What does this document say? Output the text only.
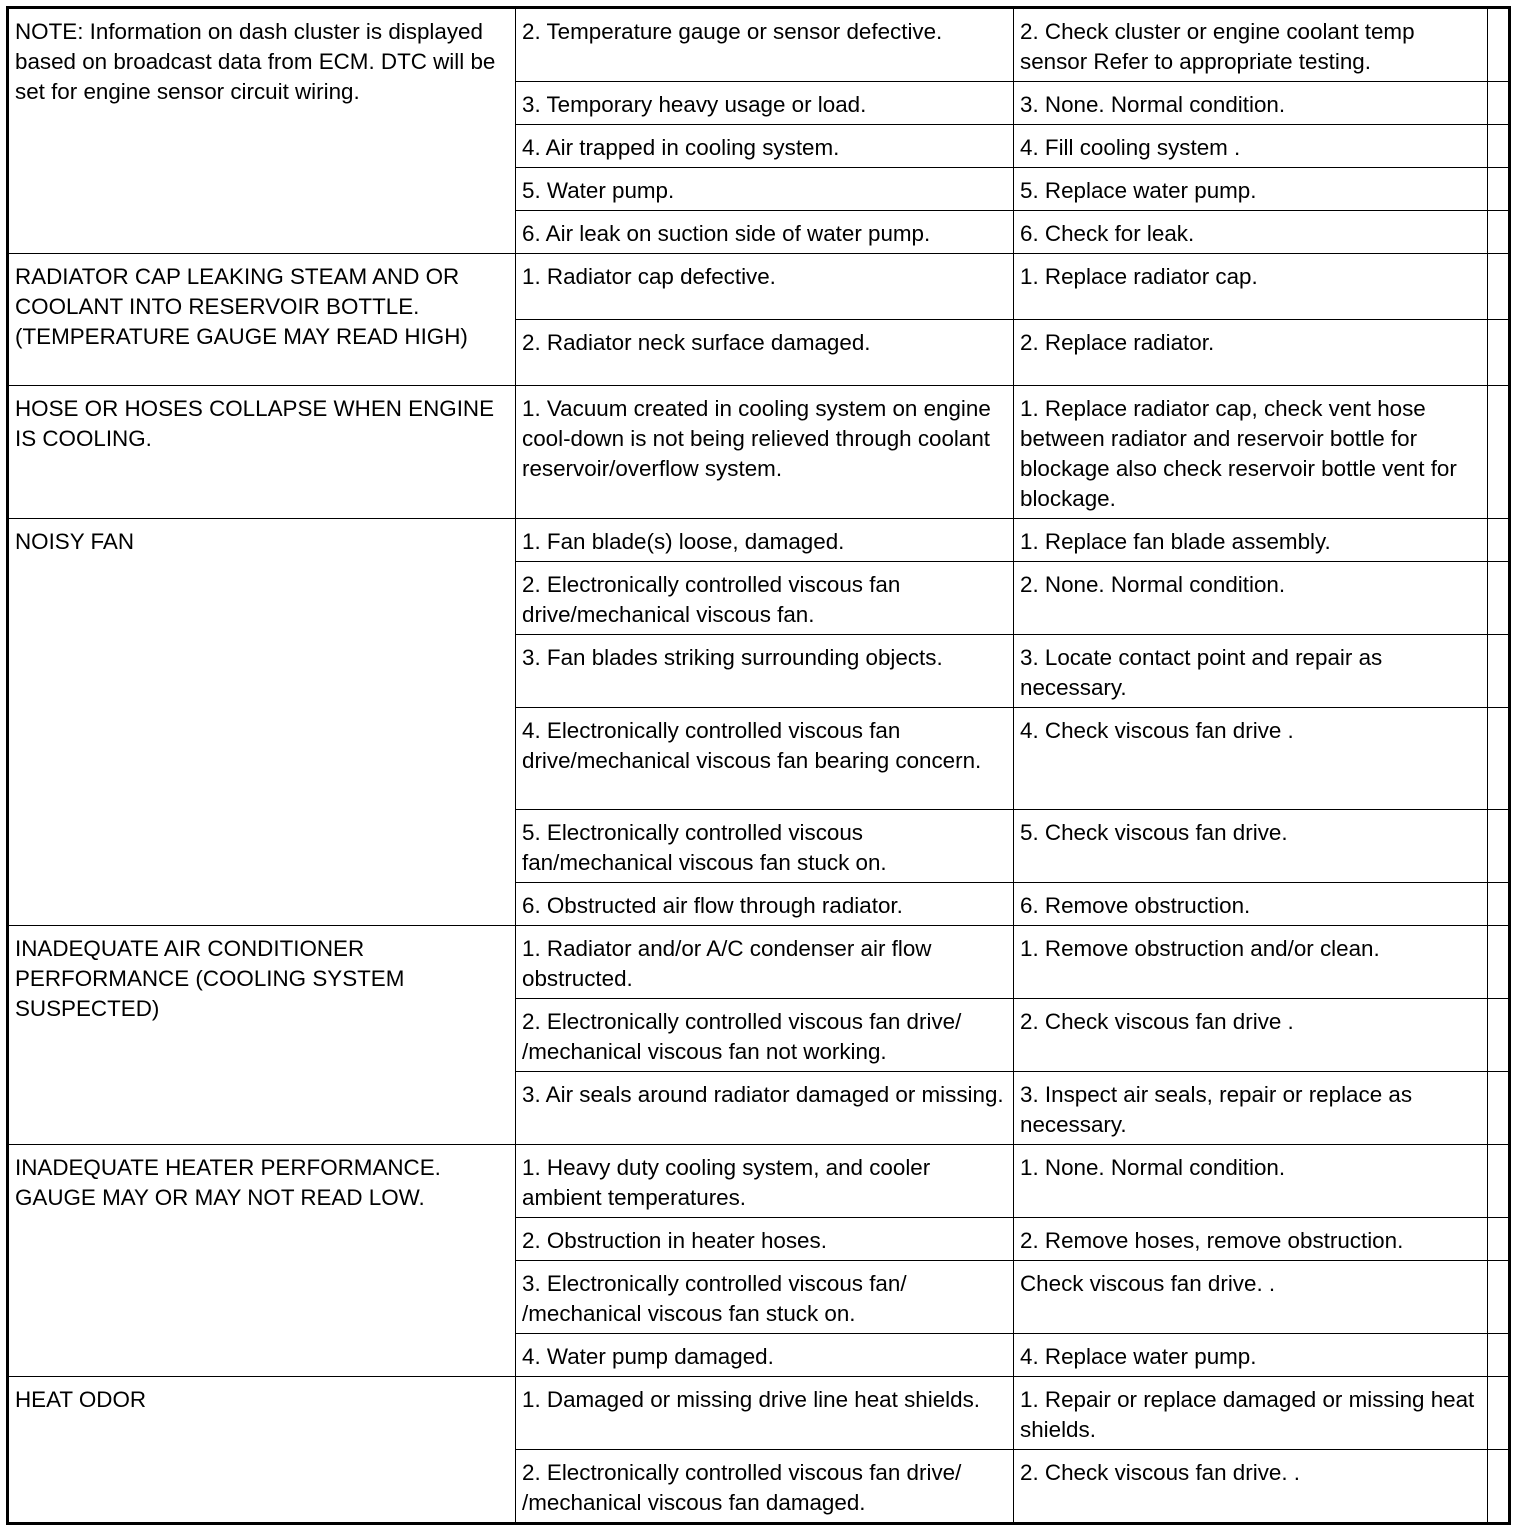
NOTE: Information on dash cluster is displayed based on broadcast data from ECM. DTC will be set for engine sensor circuit wiring.	2. Temperature gauge or sensor defective.	2. Check cluster or engine coolant temp sensor Refer to appropriate testing.	
	3. Temporary heavy usage or load.	3. None. Normal condition.	
	4. Air trapped in cooling system.	4. Fill cooling system .	
	5. Water pump.	5. Replace water pump.	
	6. Air leak on suction side of water pump.	6. Check for leak.	
RADIATOR CAP LEAKING STEAM AND OR COOLANT INTO RESERVOIR BOTTLE. (TEMPERATURE GAUGE MAY READ HIGH)	1. Radiator cap defective.	1. Replace radiator cap.	
	2. Radiator neck surface damaged.	2. Replace radiator.	
HOSE OR HOSES COLLAPSE WHEN ENGINE IS COOLING.	1. Vacuum created in cooling system on engine cool-down is not being relieved through coolant reservoir/overflow system.	1. Replace radiator cap, check vent hose between radiator and reservoir bottle for blockage also check reservoir bottle vent for blockage.	
NOISY FAN	1. Fan blade(s) loose, damaged.	1. Replace fan blade assembly.	
	2. Electronically controlled viscous fan drive/mechanical viscous fan.	2. None. Normal condition.	
	3. Fan blades striking surrounding objects.	3. Locate contact point and repair as necessary.	
	4. Electronically controlled viscous fan drive/mechanical viscous fan bearing concern.	4. Check viscous fan drive .	
	5. Electronically controlled viscous fan/mechanical viscous fan stuck on.	5. Check viscous fan drive.	
	6. Obstructed air flow through radiator.	6. Remove obstruction.	
INADEQUATE AIR CONDITIONER PERFORMANCE (COOLING SYSTEM SUSPECTED)	1. Radiator and/or A/C condenser air flow obstructed.	1. Remove obstruction and/or clean.	
	2. Electronically controlled viscous fan drive/ /mechanical viscous fan not working.	2. Check viscous fan drive .	
	3. Air seals around radiator damaged or missing.	3. Inspect air seals, repair or replace as necessary.	
INADEQUATE HEATER PERFORMANCE. GAUGE MAY OR MAY NOT READ LOW.	1. Heavy duty cooling system, and cooler ambient temperatures.	1. None. Normal condition.	
	2. Obstruction in heater hoses.	2. Remove hoses, remove obstruction.	
	3. Electronically controlled viscous fan/ /mechanical viscous fan stuck on.	Check viscous fan drive. .	
	4. Water pump damaged.	4. Replace water pump.	
HEAT ODOR	1. Damaged or missing drive line heat shields.	1. Repair or replace damaged or missing heat shields.	
	2. Electronically controlled viscous fan drive/ /mechanical viscous fan damaged.	2. Check viscous fan drive. .	
